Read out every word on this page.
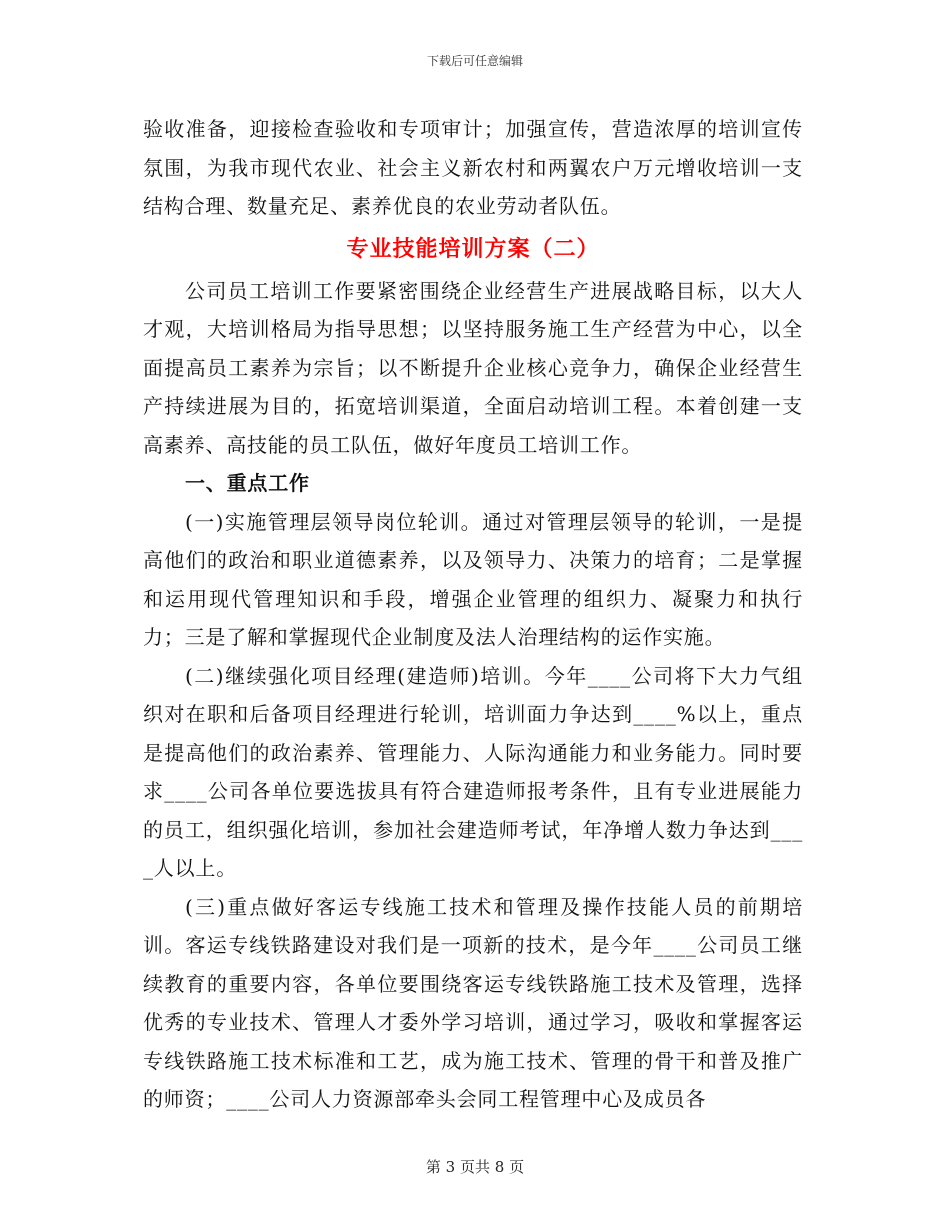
下载后可任意编辑

验收准备，迎接检查验收和专项审计；加强宣传，营造浓厚的培训宣传氛围，为我市现代农业、社会主义新农村和两翼农户万元增收培训一支结构合理、数量充足、素养优良的农业劳动者队伍。

专业技能培训方案（二）

公司员工培训工作要紧密围绕企业经营生产进展战略目标，以大人才观，大培训格局为指导思想；以坚持服务施工生产经营为中心，以全面提高员工素养为宗旨；以不断提升企业核心竞争力，确保企业经营生产持续进展为目的，拓宽培训渠道，全面启动培训工程。本着创建一支高素养、高技能的员工队伍，做好年度员工培训工作。

一、重点工作

(一)实施管理层领导岗位轮训。通过对管理层领导的轮训，一是提高他们的政治和职业道德素养，以及领导力、决策力的培育；二是掌握和运用现代管理知识和手段，增强企业管理的组织力、凝聚力和执行力；三是了解和掌握现代企业制度及法人治理结构的运作实施。

(二)继续强化项目经理(建造师)培训。今年____公司将下大力气组织对在职和后备项目经理进行轮训，培训面力争达到____%以上，重点是提高他们的政治素养、管理能力、人际沟通能力和业务能力。同时要求____公司各单位要选拔具有符合建造师报考条件，且有专业进展能力的员工，组织强化培训，参加社会建造师考试，年净增人数力争达到____人以上。

(三)重点做好客运专线施工技术和管理及操作技能人员的前期培训。客运专线铁路建设对我们是一项新的技术，是今年____公司员工继续教育的重要内容，各单位要围绕客运专线铁路施工技术及管理，选择优秀的专业技术、管理人才委外学习培训，通过学习，吸收和掌握客运专线铁路施工技术标准和工艺，成为施工技术、管理的骨干和普及推广的师资；____公司人力资源部牵头会同工程管理中心及成员各

第 3 页共 8 页
